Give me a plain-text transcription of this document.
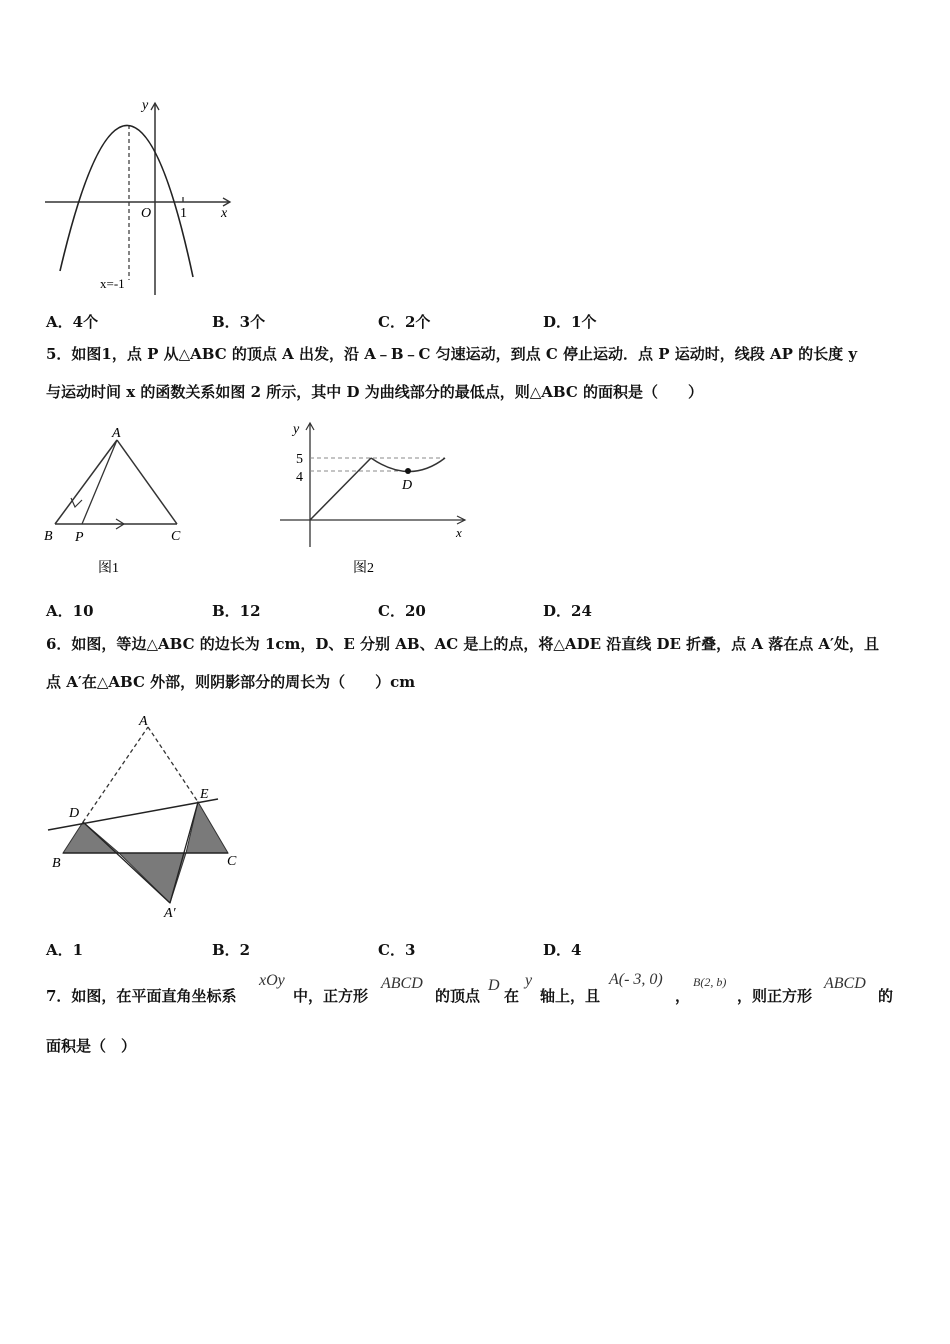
y
x
O 1
x=-1
A．4个	B．3个	C．2个	D．1个
5．如图1，点 P 从△ABC 的顶点 A 出发，沿 A﹣B﹣C 匀速运动，到点 C 停止运动．点 P 运动时，线段 AP 的长度 y
与运动时间 x 的函数关系如图 2 所示，其中 D 为曲线部分的最低点，则△ABC 的面积是（　　）
A
B P	C
图1
y
x
5
4
D
图2
A．10	B．12	C．20	D．24
6．如图，等边△ABC 的边长为 1cm，D、E 分别 AB、AC 是上的点，将△ADE 沿直线 DE 折叠，点 A 落在点 A′处，且
点 A′在△ABC 外部，则阴影部分的周长为（　　）cm
A
D
E
B	C
A′
A．1	B．2	C．3	D．4
7．如图，在平面直角坐标系
xOy
中，正方形
ABCD
的顶点
D
在
y
轴上，且
A(- 3, 0)
，
B(2, b)
，则正方形
ABCD
的
面积是（　）
